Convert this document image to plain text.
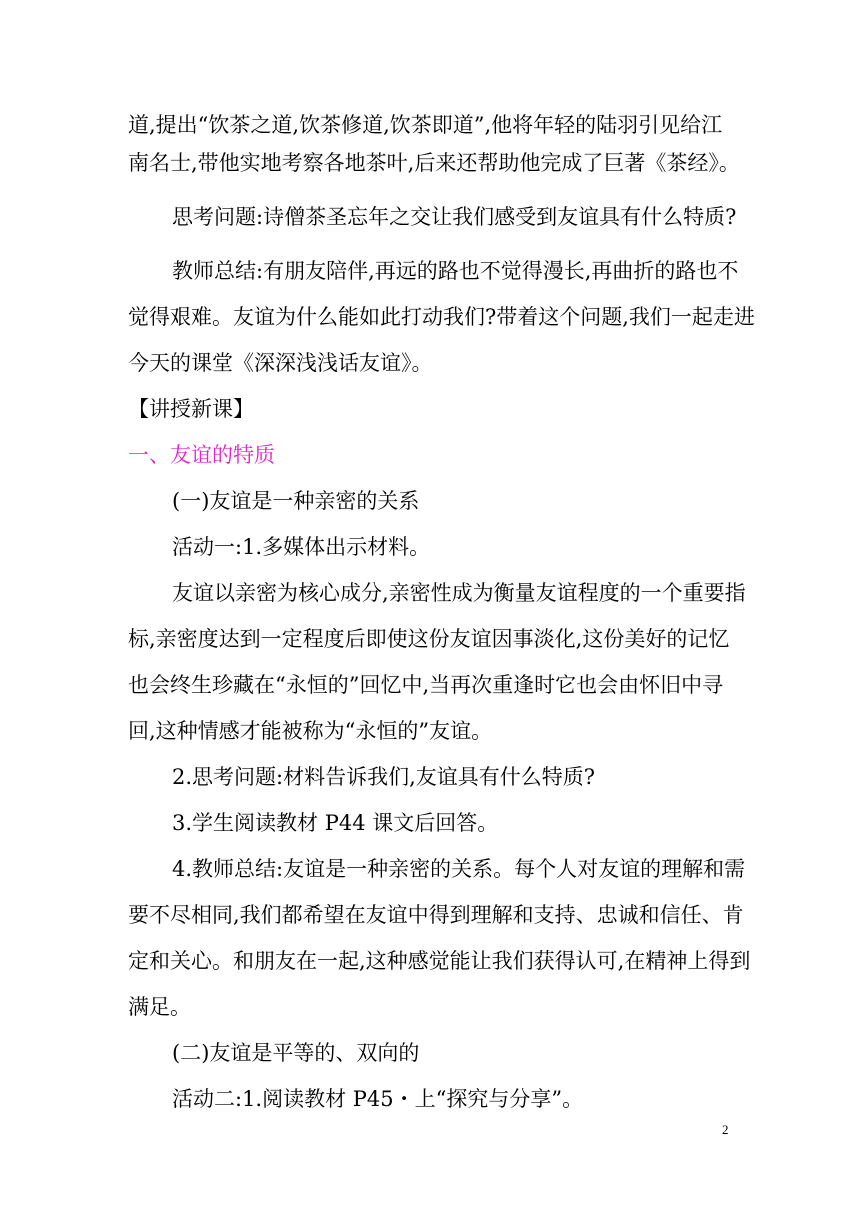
道,提出“饮茶之道,饮茶修道,饮茶即道”,他将年轻的陆羽引见给江
南名士,带他实地考察各地茶叶,后来还帮助他完成了巨著《茶经》。
思考问题:诗僧茶圣忘年之交让我们感受到友谊具有什么特质?
教师总结:有朋友陪伴,再远的路也不觉得漫长,再曲折的路也不
觉得艰难。友谊为什么能如此打动我们?带着这个问题,我们一起走进
今天的课堂《深深浅浅话友谊》。
【讲授新课】
一、友谊的特质
(一)友谊是一种亲密的关系
活动一:1.多媒体出示材料。
友谊以亲密为核心成分,亲密性成为衡量友谊程度的一个重要指
标,亲密度达到一定程度后即使这份友谊因事淡化,这份美好的记忆
也会终生珍藏在“永恒的”回忆中,当再次重逢时它也会由怀旧中寻
回,这种情感才能被称为“永恒的”友谊。
2.思考问题:材料告诉我们,友谊具有什么特质?
3.学生阅读教材 P44 课文后回答。
4.教师总结:友谊是一种亲密的关系。每个人对友谊的理解和需
要不尽相同,我们都希望在友谊中得到理解和支持、忠诚和信任、肯
定和关心。和朋友在一起,这种感觉能让我们获得认可,在精神上得到
满足。
(二)友谊是平等的、双向的
活动二:1.阅读教材 P45・上“探究与分享”。
2
